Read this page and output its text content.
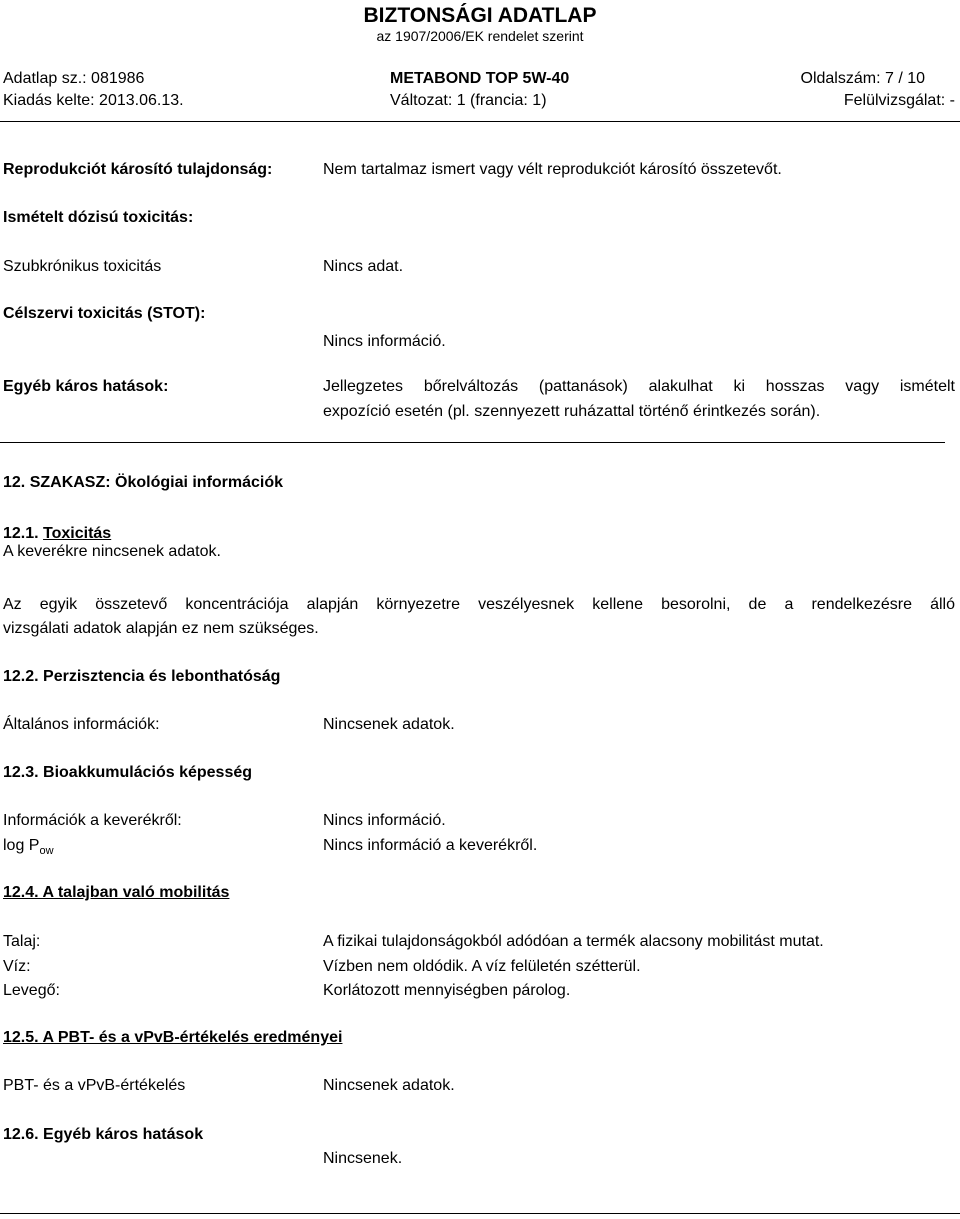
BIZTONSÁGI ADATLAP
az 1907/2006/EK rendelet szerint
Adatlap sz.: 081986	METABOND TOP 5W-40	Oldalszám: 7 / 10
Kiadás kelte: 2013.06.13.	Változat: 1 (francia: 1)	Felülvizsgálat: -
Reprodukciót károsító tulajdonság:	Nem tartalmaz ismert vagy vélt reprodukciót károsító összetevőt.
Ismételt dózisú toxicitás:
Szubkrónikus toxicitás	Nincs adat.
Célszervi toxicitás (STOT):
Nincs információ.
Egyéb káros hatások:	Jellegzetes bőrelváltozás (pattanások) alakulhat ki hosszas vagy ismételt
expozíció esetén (pl. szennyezett ruházattal történő érintkezés során).
12. SZAKASZ: Ökológiai információk
12.1. Toxicitás
A keverékre nincsenek adatok.
Az egyik összetevő koncentrációja alapján környezetre veszélyesnek kellene besorolni, de a rendelkezésre álló
vizsgálati adatok alapján ez nem szükséges.
12.2. Perzisztencia és lebonthatóság
Általános információk:	Nincsenek adatok.
12.3. Bioakkumulációs képesség
Információk a keverékről:	Nincs információ.
$\log P_{ow}$	Nincs információ a keverékről.
12.4. A talajban való mobilitás
Talaj:	A fizikai tulajdonságokból adódóan a termék alacsony mobilitást mutat.
Víz:	Vízben nem oldódik. A víz felületén szétterül.
Levegő:	Korlátozott mennyiségben párolog.
12.5. A PBT- és a vPvB-értékelés eredményei
PBT- és a vPvB-értékelés	Nincsenek adatok.
12.6. Egyéb káros hatások
Nincsenek.
